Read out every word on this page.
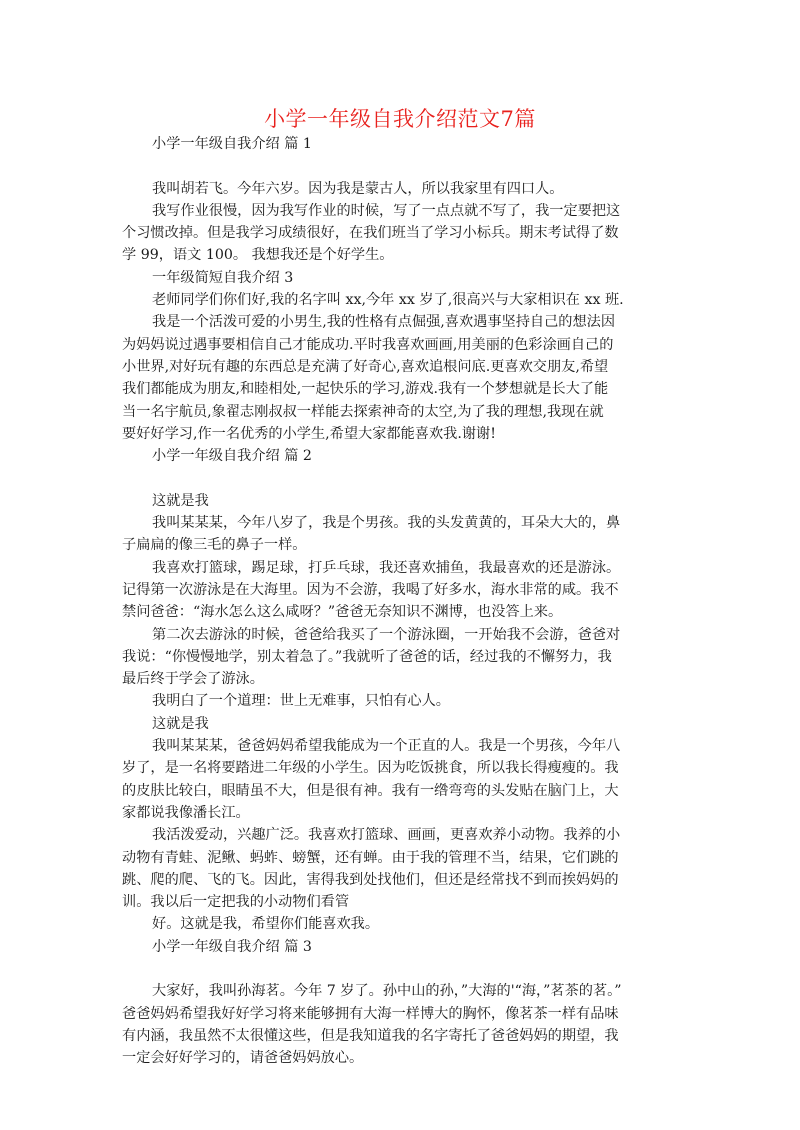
小学一年级自我介绍范文7篇
小学一年级自我介绍 篇 1
我叫胡若飞。今年六岁。因为我是蒙古人，所以我家里有四口人。
我写作业很慢，因为我写作业的时候，写了一点点就不写了，我一定要把这
个习惯改掉。但是我学习成绩很好，在我们班当了学习小标兵。期末考试得了数
学 99，语文 100。 我想我还是个好学生。
一年级简短自我介绍 3
老师同学们你们好,我的名字叫 xx,今年 xx 岁了,很高兴与大家相识在 xx 班.
我是一个活泼可爱的小男生,我的性格有点倔强,喜欢遇事坚持自己的想法因
为妈妈说过遇事要相信自己才能成功.平时我喜欢画画,用美丽的色彩涂画自己的
小世界,对好玩有趣的东西总是充满了好奇心,喜欢追根问底.更喜欢交朋友,希望
我们都能成为朋友,和睦相处,一起快乐的学习,游戏.我有一个梦想就是长大了能
当一名宇航员,象翟志刚叔叔一样能去探索神奇的太空,为了我的理想,我现在就
要好好学习,作一名优秀的小学生,希望大家都能喜欢我.谢谢!
小学一年级自我介绍 篇 2
这就是我
我叫某某某，今年八岁了，我是个男孩。我的头发黄黄的，耳朵大大的，鼻
子扁扁的像三毛的鼻子一样。
我喜欢打篮球，踢足球，打乒乓球，我还喜欢捕鱼，我最喜欢的还是游泳。
记得第一次游泳是在大海里。因为不会游，我喝了好多水，海水非常的咸。我不
禁问爸爸：“海水怎么这么咸呀？”爸爸无奈知识不渊博，也没答上来。
第二次去游泳的时候，爸爸给我买了一个游泳圈，一开始我不会游，爸爸对
我说：“你慢慢地学，别太着急了。”我就听了爸爸的话，经过我的不懈努力，我
最后终于学会了游泳。
我明白了一个道理：世上无难事，只怕有心人。
这就是我
我叫某某某，爸爸妈妈希望我能成为一个正直的人。我是一个男孩，今年八
岁了，是一名将要踏进二年级的小学生。因为吃饭挑食，所以我长得瘦瘦的。我
的皮肤比较白，眼睛虽不大，但是很有神。我有一绺弯弯的头发贴在脑门上，大
家都说我像潘长江。
我活泼爱动，兴趣广泛。我喜欢打篮球、画画，更喜欢养小动物。我养的小
动物有青蛙、泥鳅、蚂蚱、螃蟹，还有蝉。由于我的管理不当，结果，它们跳的
跳、爬的爬、飞的飞。因此，害得我到处找他们，但还是经常找不到而挨妈妈的
训。我以后一定把我的小动物们看管
好。这就是我，希望你们能喜欢我。
小学一年级自我介绍 篇 3
大家好，我叫孙海茗。今年 7 岁了。孙中山的孙，”大海的'“海，”茗茶的茗。”
爸爸妈妈希望我好好学习将来能够拥有大海一样博大的胸怀，像茗茶一样有品味
有内涵，我虽然不太很懂这些，但是我知道我的名字寄托了爸爸妈妈的期望，我
一定会好好学习的，请爸爸妈妈放心。
